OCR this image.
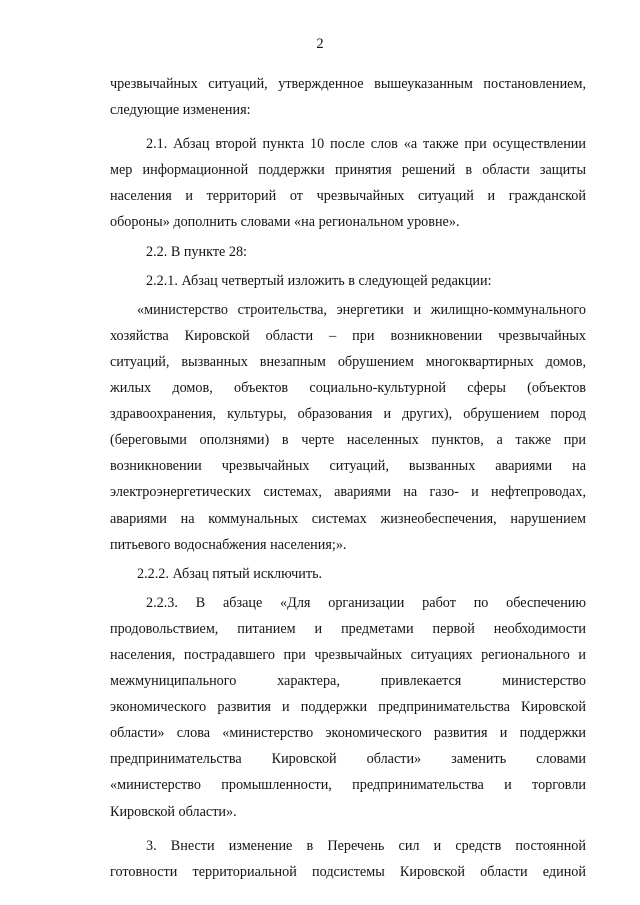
2
чрезвычайных ситуаций, утвержденное вышеуказанным постановлением,
следующие изменения:
2.1. Абзац второй пункта 10 после слов «а также при осуществлении
мер информационной поддержки принятия решений в области защиты
населения и территорий от чрезвычайных ситуаций и гражданской
обороны» дополнить словами «на региональном уровне».
2.2. В пункте 28:
2.2.1. Абзац четвертый изложить в следующей редакции:
«министерство строительства, энергетики и жилищно-коммунального
хозяйства Кировской области – при возникновении чрезвычайных
ситуаций, вызванных внезапным обрушением многоквартирных домов,
жилых домов, объектов социально-культурной сферы (объектов
здравоохранения, культуры, образования и других), обрушением пород
(береговыми оползнями) в черте населенных пунктов, а также при
возникновении чрезвычайных ситуаций, вызванных авариями на
электроэнергетических системах, авариями на газо- и нефтепроводах,
авариями на коммунальных системах жизнеобеспечения, нарушением
питьевого водоснабжения населения;».
2.2.2. Абзац пятый исключить.
2.2.3. В абзаце «Для организации работ по обеспечению
продовольствием, питанием и предметами первой необходимости
населения, пострадавшего при чрезвычайных ситуациях регионального и
межмуниципального характера, привлекается министерство
экономического развития и поддержки предпринимательства Кировской
области» слова «министерство экономического развития и поддержки
предпринимательства Кировской области» заменить словами
«министерство промышленности, предпринимательства и торговли
Кировской области».
3. Внести изменение в Перечень сил и средств постоянной
готовности территориальной подсистемы Кировской области единой
